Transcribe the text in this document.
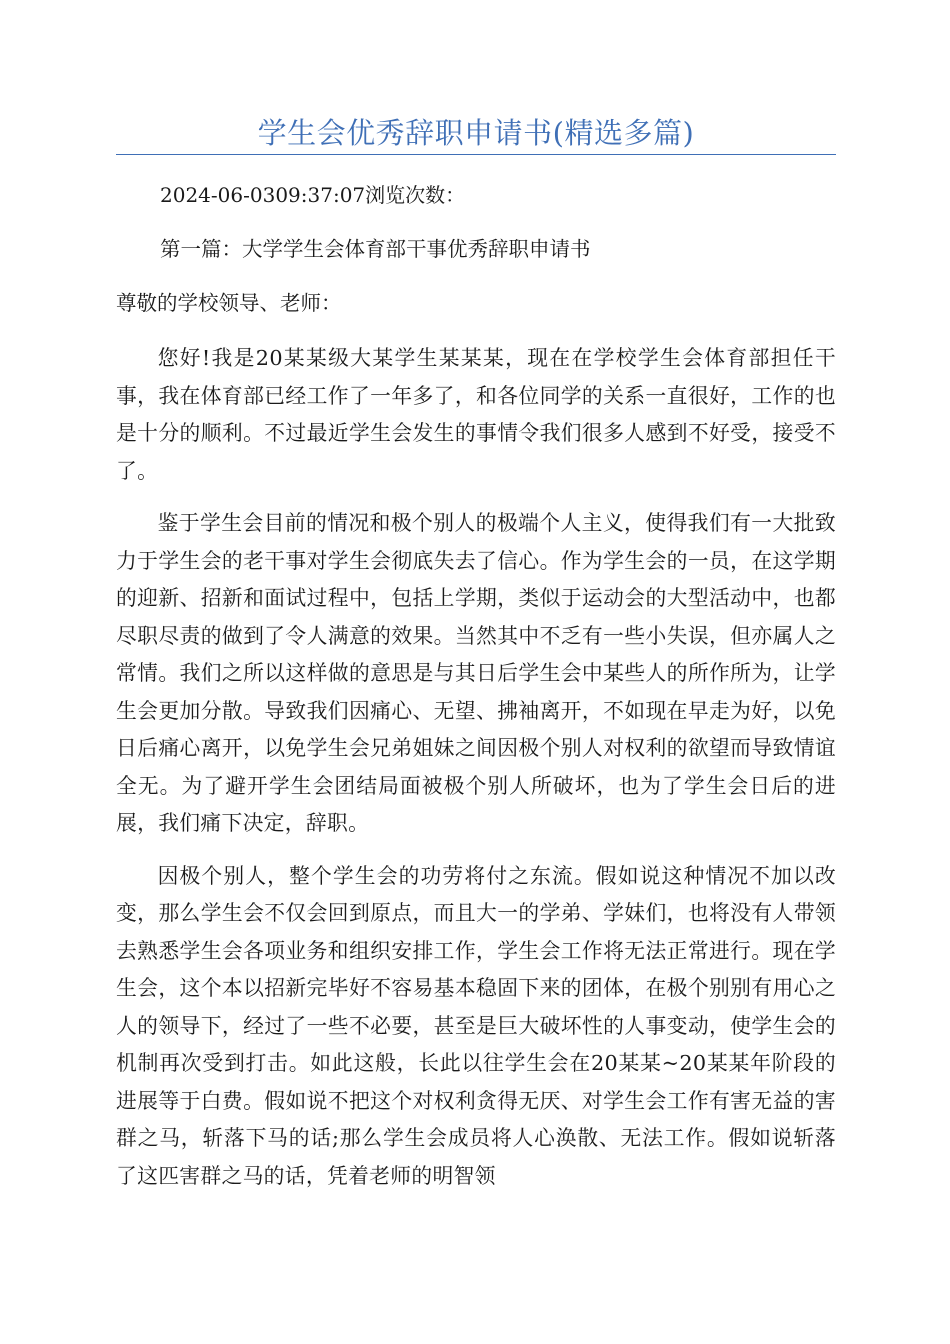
学生会优秀辞职申请书(精选多篇)
2024-06-0309:37:07浏览次数：
第一篇：大学学生会体育部干事优秀辞职申请书
尊敬的学校领导、老师：

您好!我是20某某级大某学生某某某，现在在学校学生会体育部担任干事，我在体育部已经工作了一年多了，和各位同学的关系一直很好，工作的也是十分的顺利。不过最近学生会发生的事情令我们很多人感到不好受，接受不了。

鉴于学生会目前的情况和极个别人的极端个人主义，使得我们有一大批致力于学生会的老干事对学生会彻底失去了信心。作为学生会的一员，在这学期的迎新、招新和面试过程中，包括上学期，类似于运动会的大型活动中，也都尽职尽责的做到了令人满意的效果。当然其中不乏有一些小失误，但亦属人之常情。我们之所以这样做的意思是与其日后学生会中某些人的所作所为，让学生会更加分散。导致我们因痛心、无望、拂袖离开，不如现在早走为好，以免日后痛心离开，以免学生会兄弟姐妹之间因极个别人对权利的欲望而导致情谊全无。为了避开学生会团结局面被极个别人所破坏，也为了学生会日后的进展，我们痛下决定，辞职。

因极个别人，整个学生会的功劳将付之东流。假如说这种情况不加以改变，那么学生会不仅会回到原点，而且大一的学弟、学妹们，也将没有人带领去熟悉学生会各项业务和组织安排工作，学生会工作将无法正常进行。现在学生会，这个本以招新完毕好不容易基本稳固下来的团体，在极个别别有用心之人的领导下，经过了一些不必要，甚至是巨大破坏性的人事变动，使学生会的机制再次受到打击。如此这般，长此以往学生会在20某某~20某某年阶段的进展等于白费。假如说不把这个对权利贪得无厌、对学生会工作有害无益的害群之马，斩落下马的话;那么学生会成员将人心涣散、无法工作。假如说斩落了这匹害群之马的话，凭着老师的明智领
